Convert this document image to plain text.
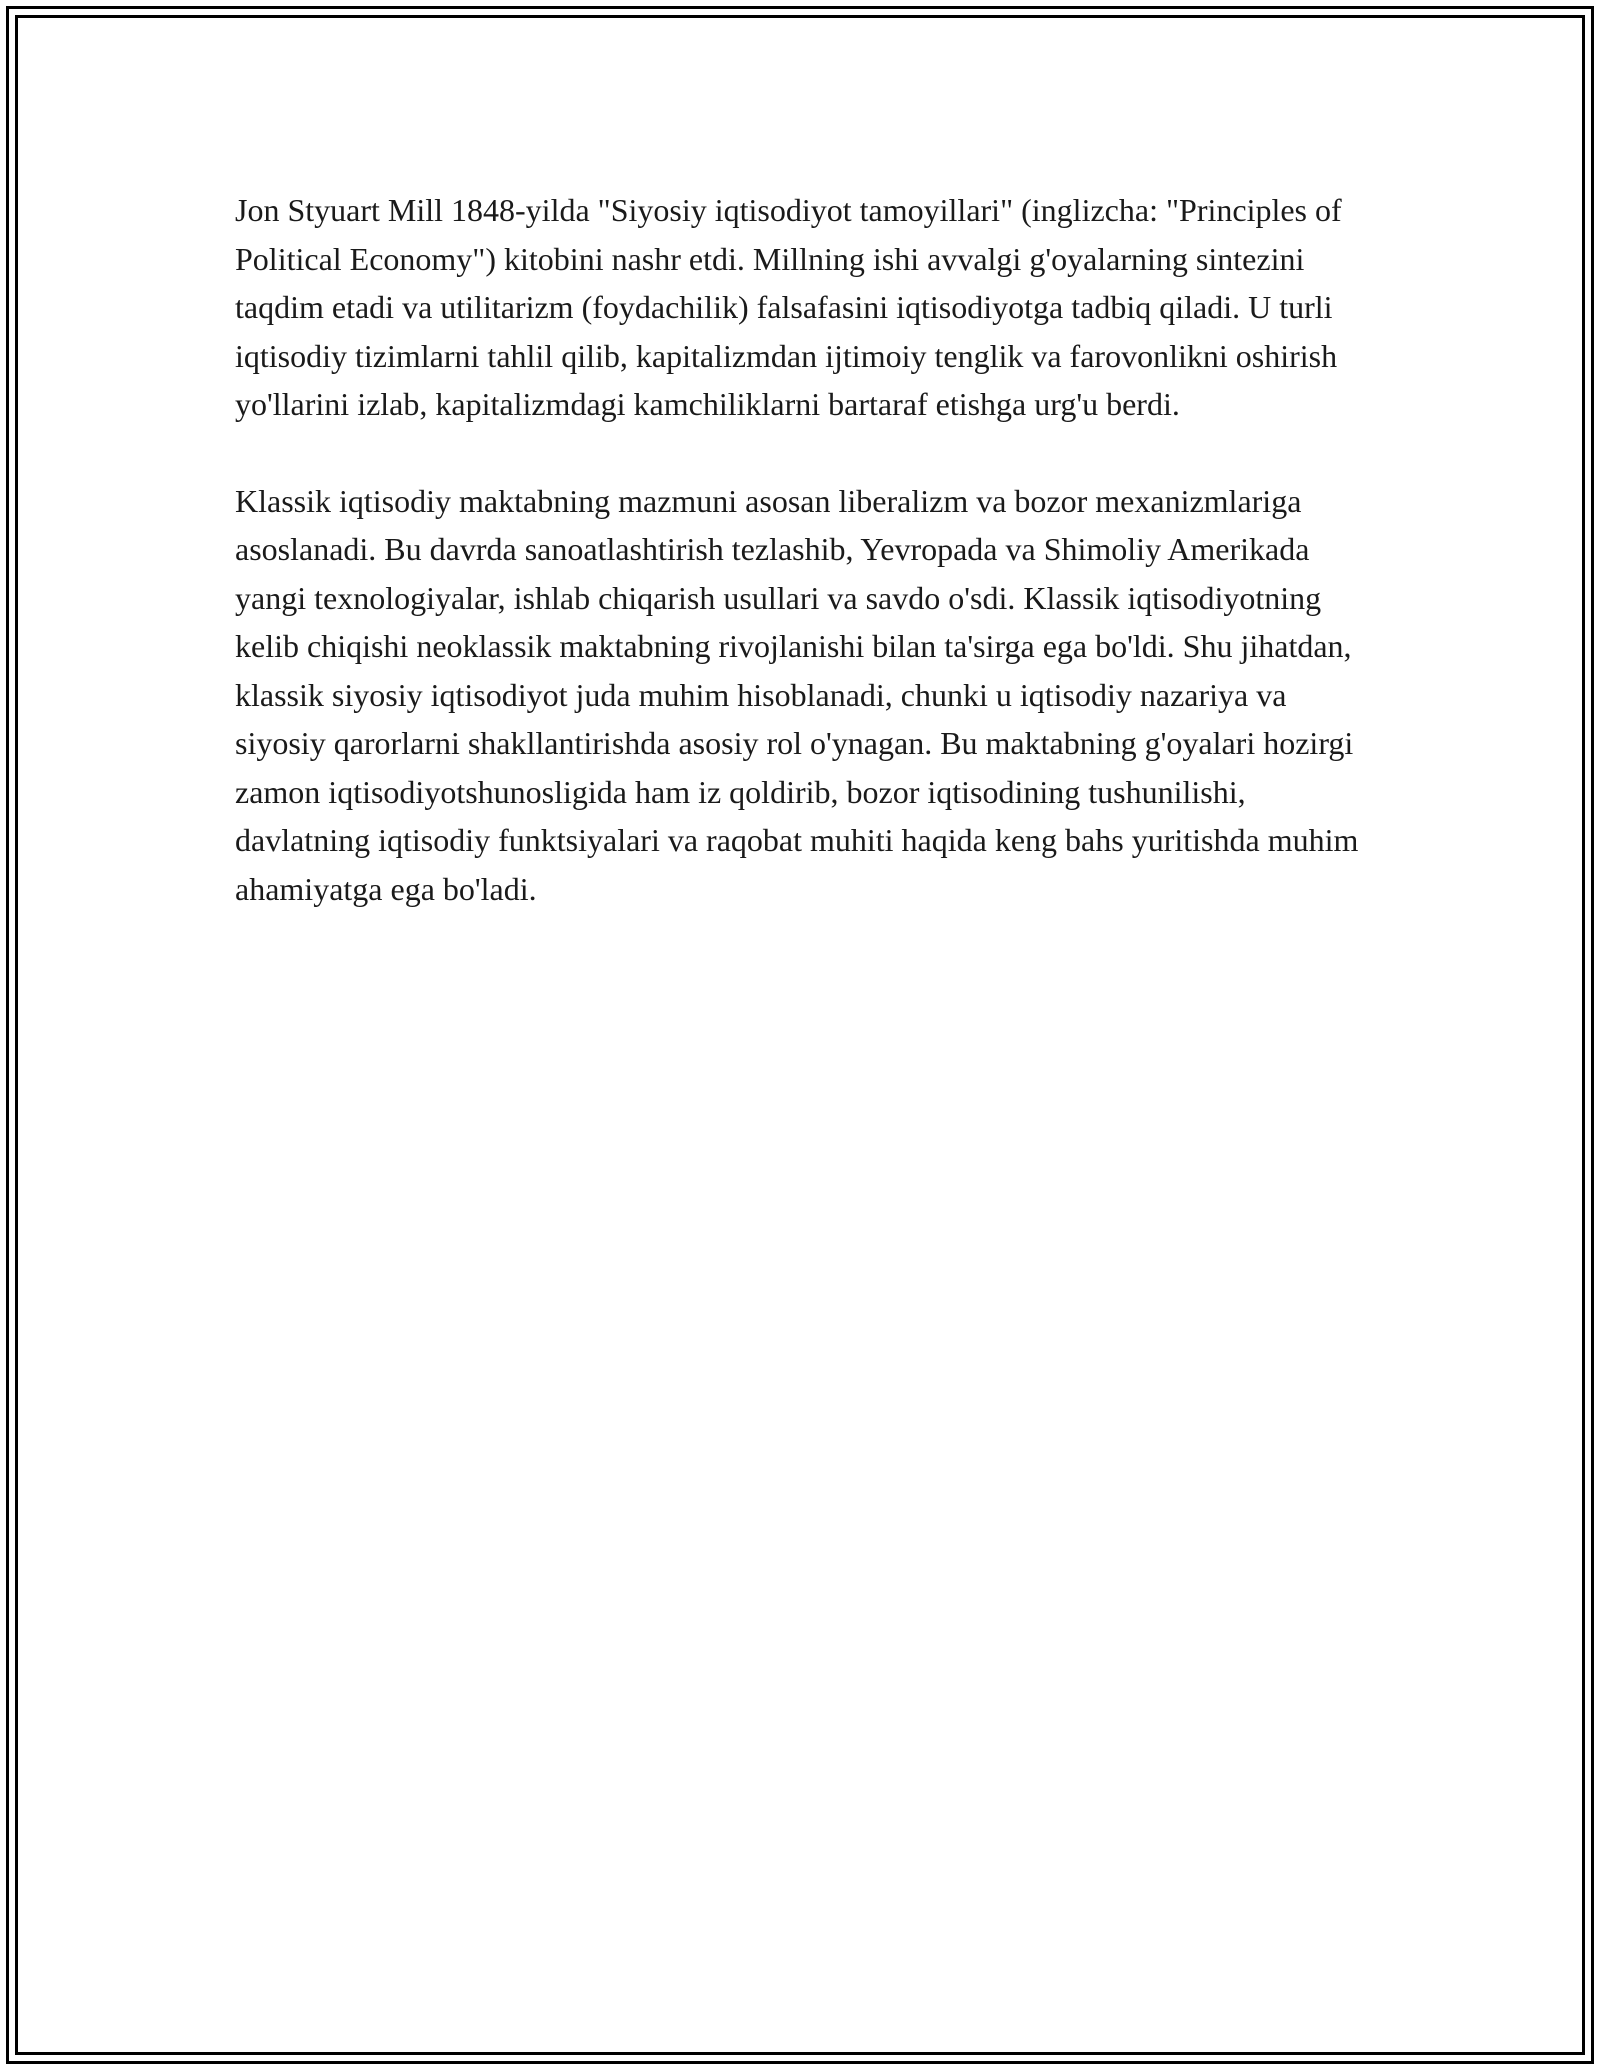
Jon Styuart Mill 1848-yilda "Siyosiy iqtisodiyot tamoyillari" (inglizcha: "Principles of Political Economy") kitobini nashr etdi. Millning ishi avvalgi g'oyalarning sintezini taqdim etadi va utilitarizm (foydachilik) falsafasini iqtisodiyotga tadbiq qiladi. U turli iqtisodiy tizimlarni tahlil qilib, kapitalizmdan ijtimoiy tenglik va farovonlikni oshirish yo'llarini izlab, kapitalizmdagi kamchiliklarni bartaraf etishga urg'u berdi.

Klassik iqtisodiy maktabning mazmuni asosan liberalizm va bozor mexanizmlariga asoslanadi. Bu davrda sanoatlashtirish tezlashib, Yevropada va Shimoliy Amerikada yangi texnologiyalar, ishlab chiqarish usullari va savdo o'sdi. Klassik iqtisodiyotning kelib chiqishi neoklassik maktabning rivojlanishi bilan ta'sirga ega bo'ldi. Shu jihatdan, klassik siyosiy iqtisodiyot juda muhim hisoblanadi, chunki u iqtisodiy nazariya va siyosiy qarorlarni shakllantirishda asosiy rol o'ynagan. Bu maktabning g'oyalari hozirgi zamon iqtisodiyotshunosligida ham iz qoldirib, bozor iqtisodining tushunilishi, davlatning iqtisodiy funktsiyalari va raqobat muhiti haqida keng bahs yuritishda muhim ahamiyatga ega bo'ladi.
